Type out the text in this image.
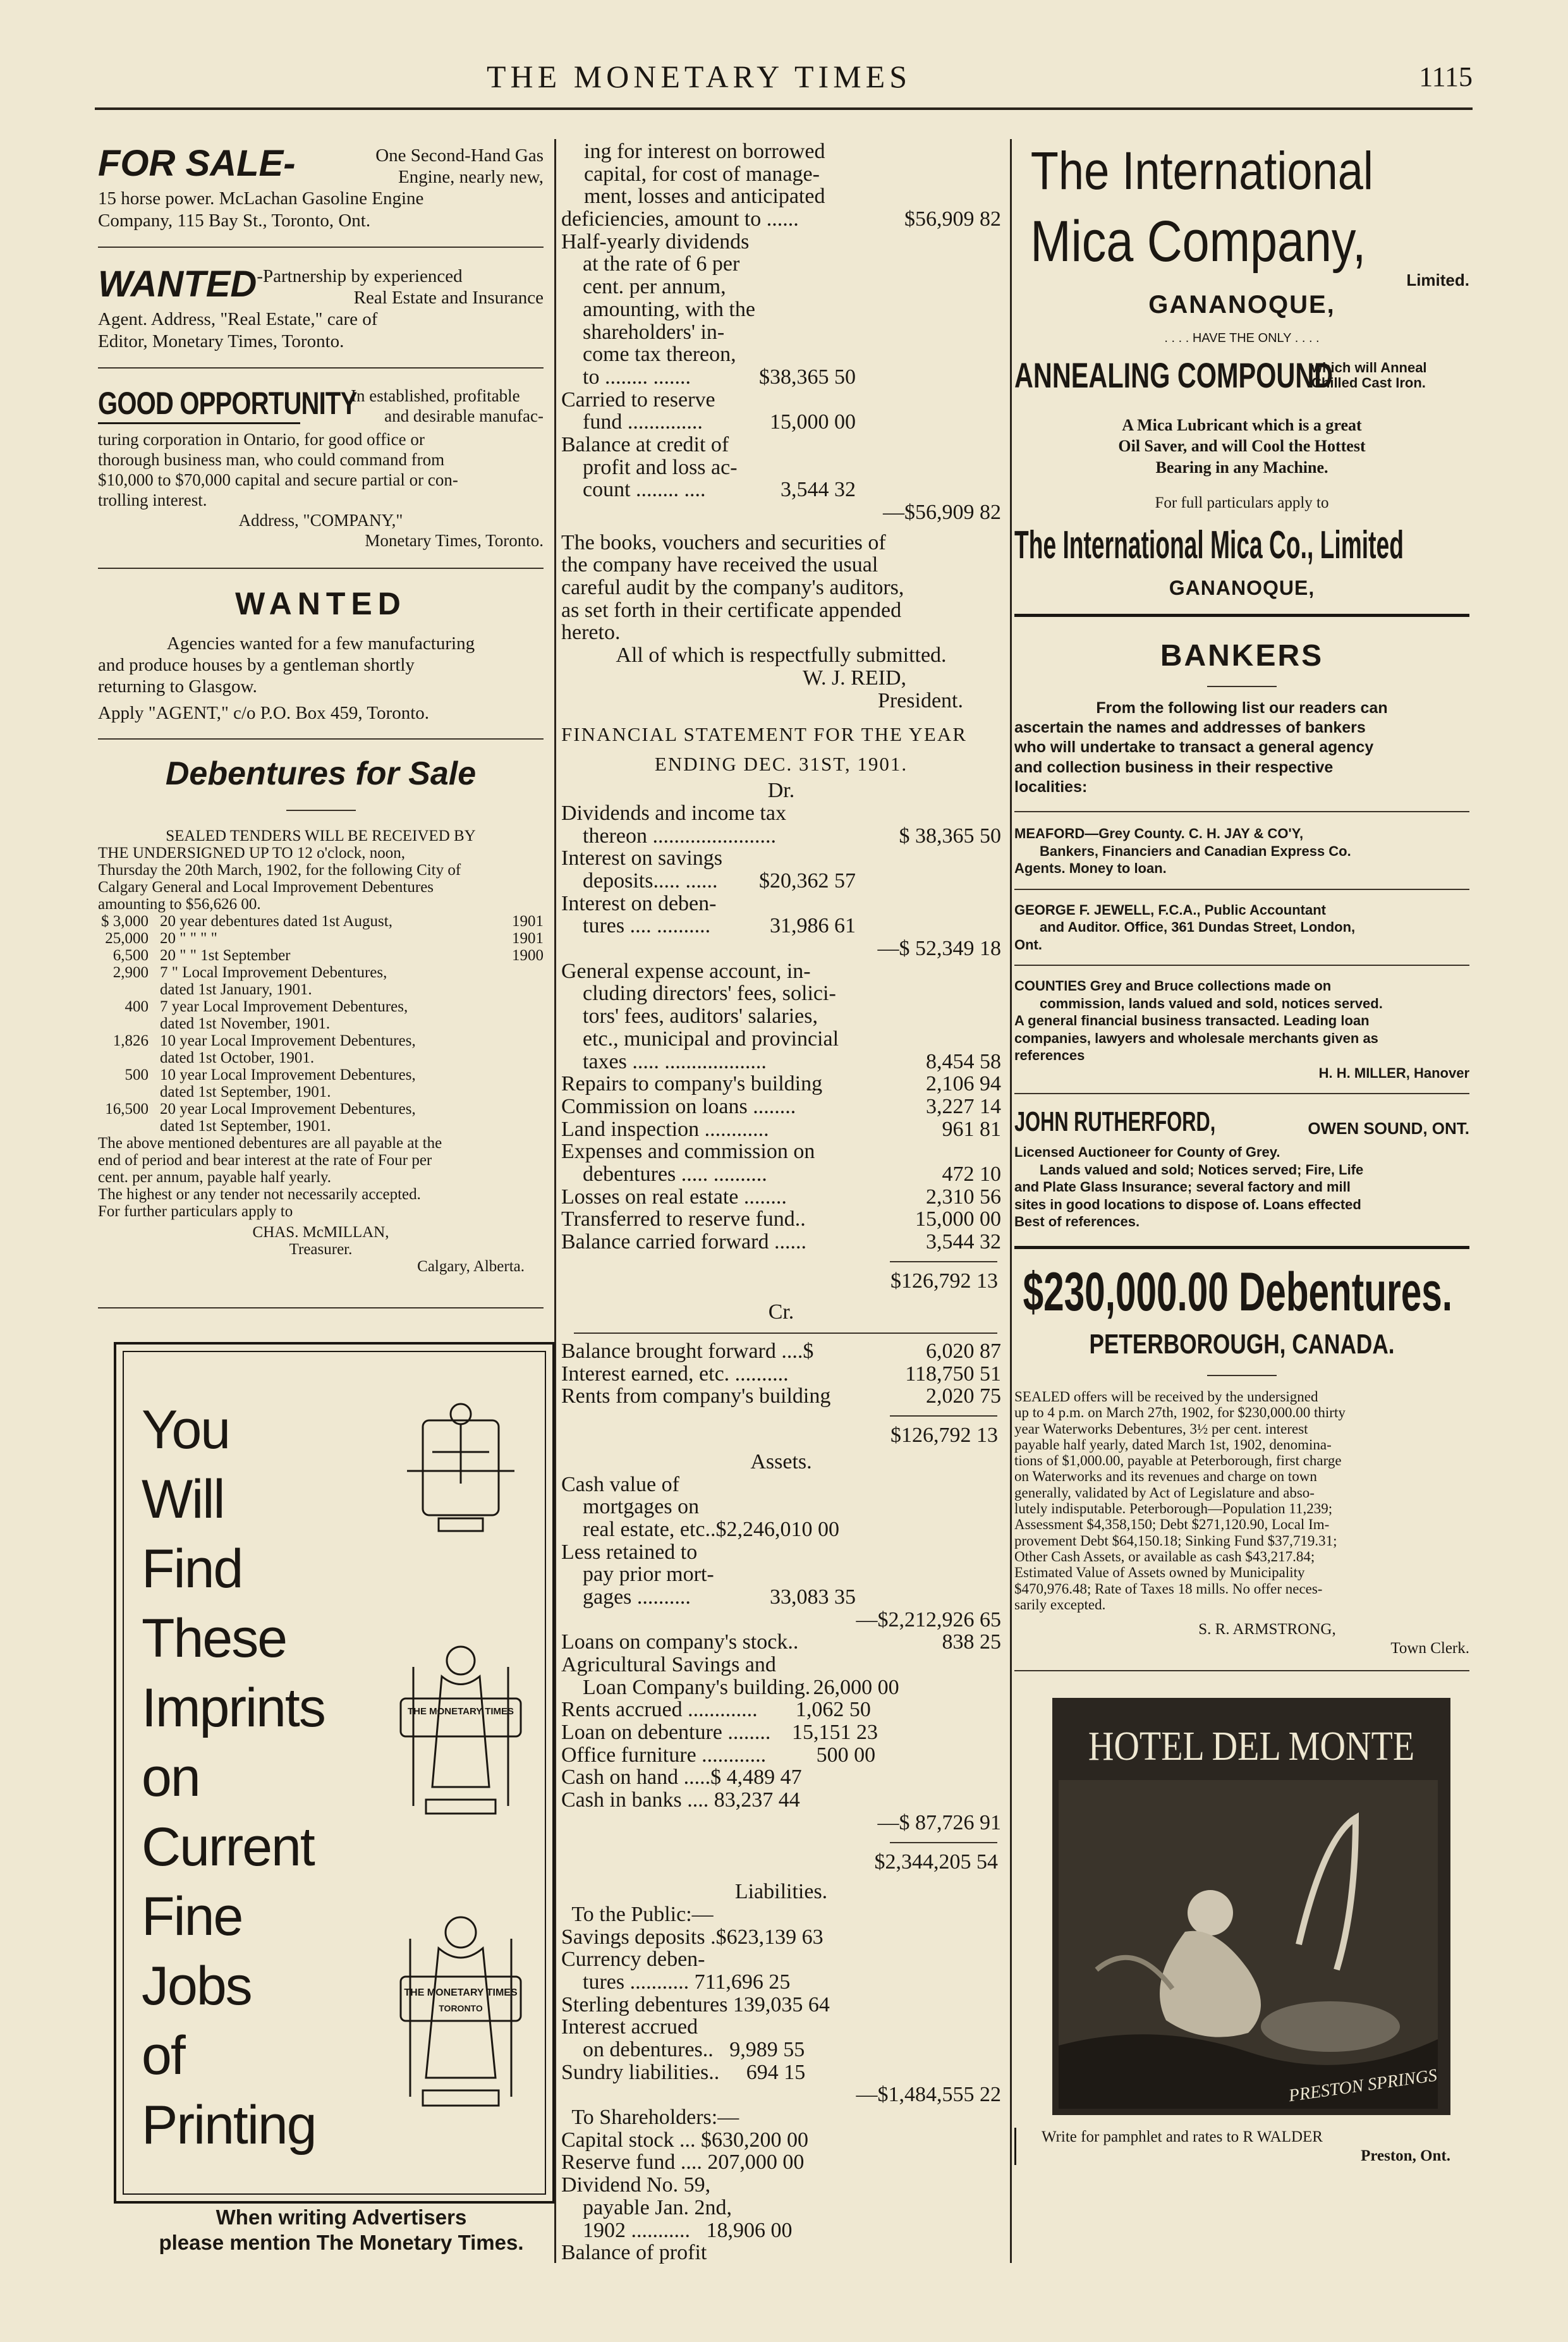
THE MONETARY TIMES	1115
FOR SALE-	One Second-Hand Gas
Engine, nearly new,
15 horse power. McLachan Gasoline Engine
Company, 115 Bay St., Toronto, Ont.
WANTED -Partnership by experienced
Real Estate and Insurance
Agent. Address, "Real Estate," care of
Editor, Monetary Times, Toronto.
GOOD OPPORTUNITY
In established, profitable
and desirable manufac-
turing corporation in Ontario, for good office or
thorough business man, who could command from
$10,000 to $70,000 capital and secure partial or con-
trolling interest.
Address, "COMPANY,"
Monetary Times, Toronto.
WANTED
Agencies wanted for a few manufacturing
and produce houses by a gentleman shortly
returning to Glasgow.
Apply "AGENT," c/o P.O. Box 459, Toronto.
Debentures for Sale
SEALED TENDERS WILL BE RECEIVED BY
THE UNDERSIGNED UP TO 12 o'clock, noon,
Thursday the 20th March, 1902, for the following City of
Calgary General and Local Improvement Debentures
amounting to $56,626 00.
$ 3,000 20 year debentures dated 1st August,	1901
25,000 20 " " " "	1901
6,500 20 " " 1st September	1900
2,900 7 " Local Improvement Debentures,
dated 1st January, 1901.
400 7 year Local Improvement Debentures,
dated 1st November, 1901.
1,826 10 year Local Improvement Debentures,
dated 1st October, 1901.
500 10 year Local Improvement Debentures,
dated 1st September, 1901.
16,500 20 year Local Improvement Debentures,
dated 1st September, 1901.
The above mentioned debentures are all payable at the
end of period and bear interest at the rate of Four per
cent. per annum, payable half yearly.
The highest or any tender not necessarily accepted.
For further particulars apply to
CHAS. McMILLAN,
Treasurer.
Calgary, Alberta.
You
Will
Find
These
Imprints
on
Current
Fine
Jobs
of
Printing
THE MONETARY TIMES
THE MONETARY TIMES
TORONTO
When writing Advertisers
please mention The Monetary Times.
ing for interest on borrowed
capital, for cost of manage-
ment, losses and anticipated
deficiencies, amount to ......	$56,909 82
Half-yearly dividends
at the rate of 6 per
cent. per annum,
amounting, with the
shareholders' in-
come tax thereon,
to ........ .......	$38,365 50
Carried to reserve
fund ..............	15,000 00
Balance at credit of
profit and loss ac-
count ........ ....	3,544 32
—$56,909 82
The books, vouchers and securities of
the company have received the usual
careful audit by the company's auditors,
as set forth in their certificate appended
hereto.
All of which is respectfully submitted.
W. J. REID,
President.
FINANCIAL STATEMENT FOR THE YEAR
ENDING DEC. 31ST, 1901.
Dr.
Dividends and income tax
thereon .......................	$ 38,365 50
Interest on savings
deposits..... ......	$20,362 57
Interest on deben-
tures .... ..........	31,986 61
—$ 52,349 18
General expense account, in-
cluding directors' fees, solici-
tors' fees, auditors' salaries,
etc., municipal and provincial
taxes ..... ...................	8,454 58
Repairs to company's building	2,106 94
Commission on loans ........	3,227 14
Land inspection ............	961 81
Expenses and commission on
debentures ..... ..........	472 10
Losses on real estate ........	2,310 56
Transferred to reserve fund..	15,000 00
Balance carried forward ......	3,544 32
$126,792 13
Cr.
Balance brought forward ....$	6,020 87
Interest earned, etc. ..........	118,750 51
Rents from company's building	2,020 75
$126,792 13
Assets.
Cash value of
mortgages on
real estate, etc..$2,246,010 00
Less retained to
pay prior mort-
gages ..........	33,083 35
—$2,212,926 65
Loans on company's stock..	838 25
Agricultural Savings and
Loan Company's building. 26,000 00
Rents accrued .............	1,062 50
Loan on debenture ........ 15,151 23
Office furniture ............	500 00
Cash on hand .....$ 4,489 47
Cash in banks .... 83,237 44
—$ 87,726 91
$2,344,205 54
Liabilities.
To the Public:—
Savings deposits .$623,139 63
Currency deben-
tures ........... 711,696 25
Sterling debentures 139,035 64
Interest accrued
on debentures..   9,989 55
Sundry liabilities..     694 15
—$1,484,555 22
To Shareholders:—
Capital stock ... $630,200 00
Reserve fund .... 207,000 00
Dividend No. 59,
payable Jan. 2nd,
1902 ...........   18,906 00
Balance of profit
The International
Mica Company,
Limited.
GANANOQUE,
. . . . HAVE THE ONLY . . . .
ANNEALING COMPOUND
which will Anneal
Chilled Cast Iron.
A Mica Lubricant which is a great
Oil Saver, and will Cool the Hottest
Bearing in any Machine.
For full particulars apply to
The International Mica Co., Limited
GANANOQUE,
BANKERS
From the following list our readers can
ascertain the names and addresses of bankers
who will undertake to transact a general agency
and collection business in their respective
localities:
MEAFORD—Grey County. C. H. JAY & CO'Y,
Bankers, Financiers and Canadian Express Co.
Agents. Money to loan.
GEORGE F. JEWELL, F.C.A., Public Accountant
and Auditor. Office, 361 Dundas Street, London,
Ont.
COUNTIES Grey and Bruce collections made on
commission, lands valued and sold, notices served.
A general financial business transacted. Leading loan
companies, lawyers and wholesale merchants given as
references
H. H. MILLER, Hanover
JOHN RUTHERFORD,	OWEN SOUND, ONT.
Licensed Auctioneer for County of Grey.
Lands valued and sold; Notices served; Fire, Life
and Plate Glass Insurance; several factory and mill
sites in good locations to dispose of. Loans effected
Best of references.
$230,000.00 Debentures.
PETERBOROUGH, CANADA.
SEALED offers will be received by the undersigned
up to 4 p.m. on March 27th, 1902, for $230,000.00 thirty
year Waterworks Debentures, 3½ per cent. interest
payable half yearly, dated March 1st, 1902, denomina-
tions of $1,000.00, payable at Peterborough, first charge
on Waterworks and its revenues and charge on town
generally, validated by Act of Legislature and abso-
lutely indisputable. Peterborough—Population 11,239;
Assessment $4,358,150; Debt $271,120.90, Local Im-
provement Debt $64,150.18; Sinking Fund $37,719.31;
Other Cash Assets, or available as cash $43,217.84;
Estimated Value of Assets owned by Municipality
$470,976.48; Rate of Taxes 18 mills. No offer neces-
sarily excepted.
S. R. ARMSTRONG,
Town Clerk.
HOTEL DEL MONTE
PRESTON SPRINGS
Write for pamphlet and rates to R WALDER
Preston, Ont.
